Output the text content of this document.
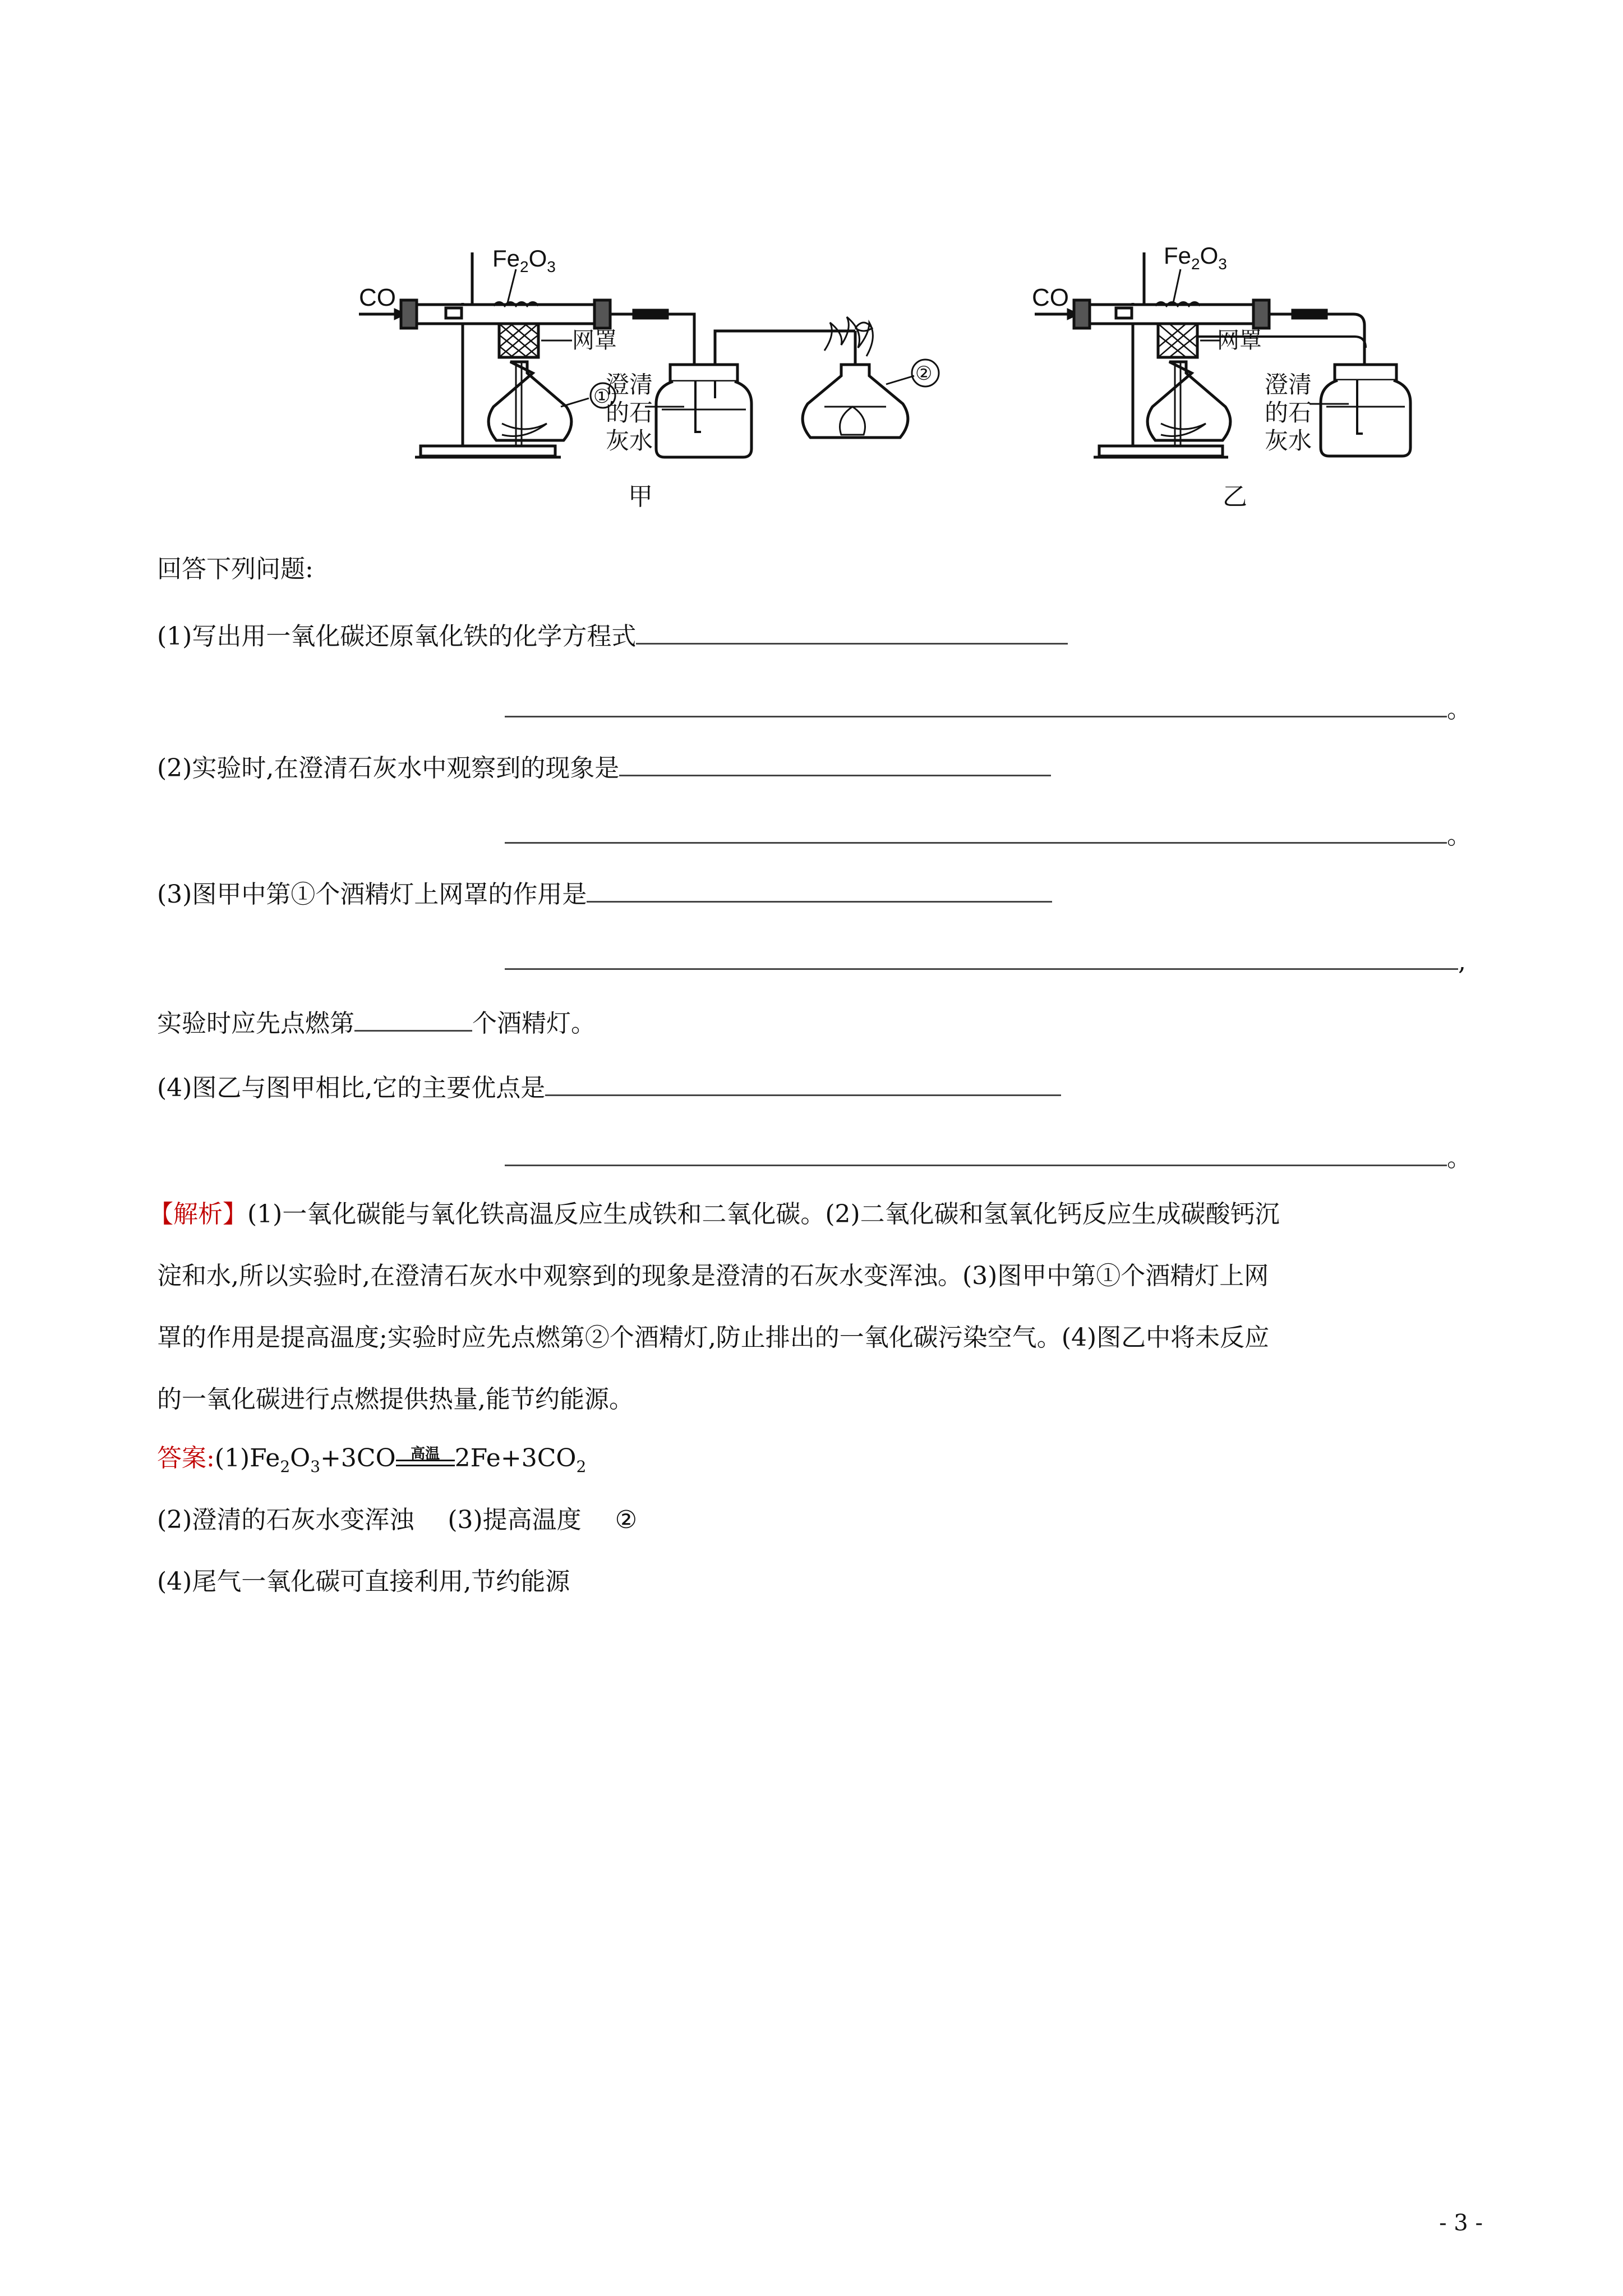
CO
$Fe_2O_3$
网罩
①
澄清
的石
灰水
②
甲
CO
$Fe_2O_3$
网罩
澄清
的石
灰水
乙
回答下列问题:
(1)写出用一氧化碳还原氧化铁的化学方程式
。
(2)实验时,在澄清石灰水中观察到的现象是
。
(3)图甲中第①个酒精灯上网罩的作用是
,
实验时应先点燃第	个酒精灯。
(4)图乙与图甲相比,它的主要优点是
。
【解析】(1)一氧化碳能与氧化铁高温反应生成铁和二氧化碳。(2)二氧化碳和氢氧化钙反应生成碳酸钙沉
淀和水,所以实验时,在澄清石灰水中观察到的现象是澄清的石灰水变浑浊。(3)图甲中第①个酒精灯上网
罩的作用是提高温度;实验时应先点燃第②个酒精灯,防止排出的一氧化碳污染空气。(4)图乙中将未反应
的一氧化碳进行点燃提供热量,能节约能源。
答案$:(1)Fe_2O_3+3CO$	高温 $2Fe+3CO_2$
(2)澄清的石灰水变浑浊 (3)提高温度 ②
(4)尾气一氧化碳可直接利用,节约能源
- 3 -
